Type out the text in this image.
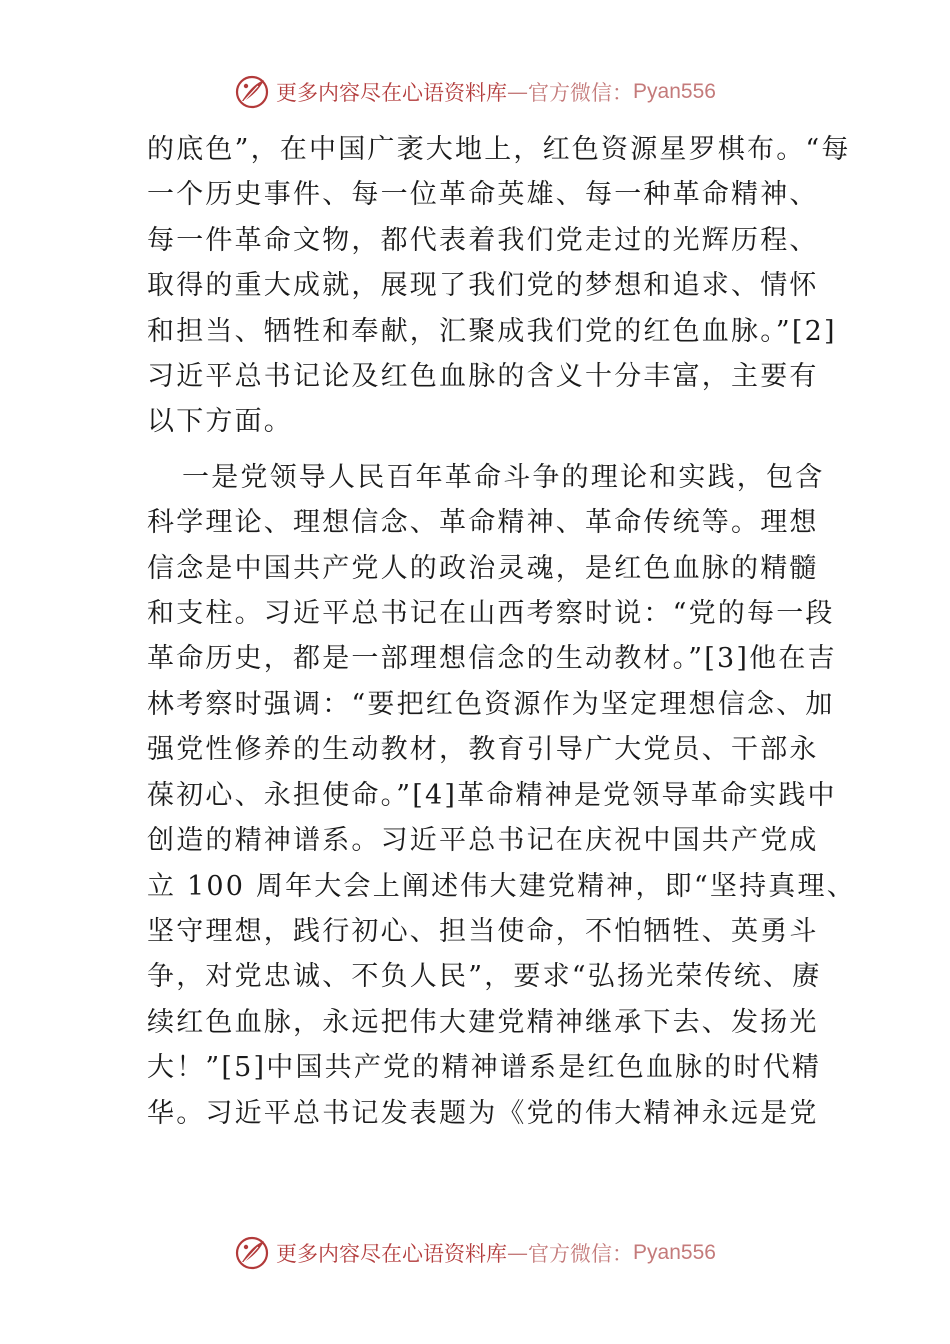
更多内容尽在心语资料库 — 官方微信： Pyan556

的底色”，在中国广袤大地上，红色资源星罗棋布。“每
一个历史事件、每一位革命英雄、每一种革命精神、
每一件革命文物，都代表着我们党走过的光辉历程、
取得的重大成就，展现了我们党的梦想和追求、情怀
和担当、牺牲和奉献，汇聚成我们党的红色血脉。”[2]
习近平总书记论及红色血脉的含义十分丰富，主要有
以下方面。

一是党领导人民百年革命斗争的理论和实践，包含
科学理论、理想信念、革命精神、革命传统等。理想
信念是中国共产党人的政治灵魂，是红色血脉的精髓
和支柱。习近平总书记在山西考察时说：“党的每一段
革命历史，都是一部理想信念的生动教材。”[3]他在吉
林考察时强调：“要把红色资源作为坚定理想信念、加
强党性修养的生动教材，教育引导广大党员、干部永
葆初心、永担使命。”[4]革命精神是党领导革命实践中
创造的精神谱系。习近平总书记在庆祝中国共产党成
立 100 周年大会上阐述伟大建党精神，即“坚持真理、
坚守理想，践行初心、担当使命，不怕牺牲、英勇斗
争，对党忠诚、不负人民”，要求“弘扬光荣传统、赓
续红色血脉，永远把伟大建党精神继承下去、发扬光
大！”[5]中国共产党的精神谱系是红色血脉的时代精
华。习近平总书记发表题为《党的伟大精神永远是党

更多内容尽在心语资料库 — 官方微信： Pyan556
